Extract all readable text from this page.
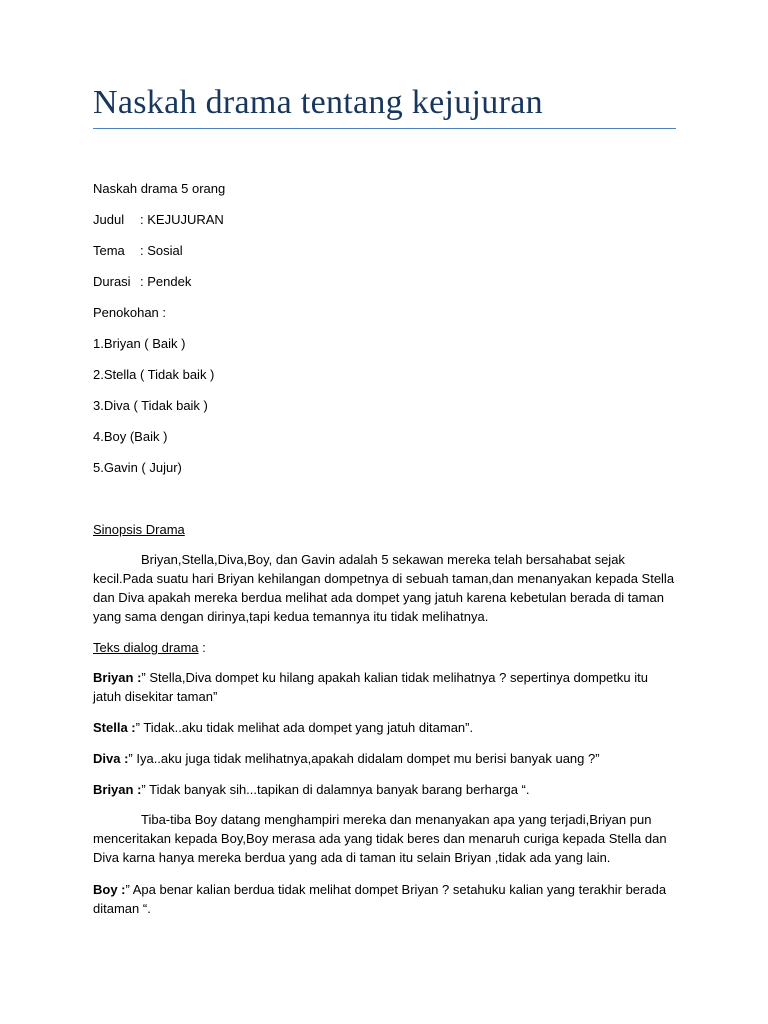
Naskah drama tentang kejujuran
Naskah drama 5 orang
Judul : KEJUJURAN
Tema : Sosial
Durasi : Pendek
Penokohan :
1.Briyan ( Baik )
2.Stella ( Tidak baik )
3.Diva ( Tidak baik )
4.Boy (Baik )
5.Gavin ( Jujur)
Sinopsis Drama

Briyan,Stella,Diva,Boy, dan Gavin adalah 5 sekawan mereka telah bersahabat sejak kecil.Pada suatu hari Briyan kehilangan dompetnya di sebuah taman,dan menanyakan kepada Stella dan Diva apakah mereka berdua melihat ada dompet yang jatuh karena kebetulan berada di taman yang sama dengan dirinya,tapi kedua temannya itu tidak melihatnya.

Teks dialog drama :
Briyan :” Stella,Diva dompet ku hilang apakah kalian tidak melihatnya ? sepertinya dompetku itu jatuh disekitar taman”
Stella :” Tidak..aku tidak melihat ada dompet yang jatuh ditaman”.
Diva :” Iya..aku juga tidak melihatnya,apakah didalam dompet mu berisi banyak uang ?”
Briyan :” Tidak banyak sih...tapikan di dalamnya banyak barang berharga “.

Tiba-tiba Boy datang menghampiri mereka dan menanyakan apa yang terjadi,Briyan pun menceritakan kepada Boy,Boy merasa ada yang tidak beres dan menaruh curiga kepada Stella dan Diva karna hanya mereka berdua yang ada di taman itu selain Briyan ,tidak ada yang lain.

Boy :” Apa benar kalian berdua tidak melihat dompet Briyan ? setahuku kalian yang terakhir berada ditaman “.
